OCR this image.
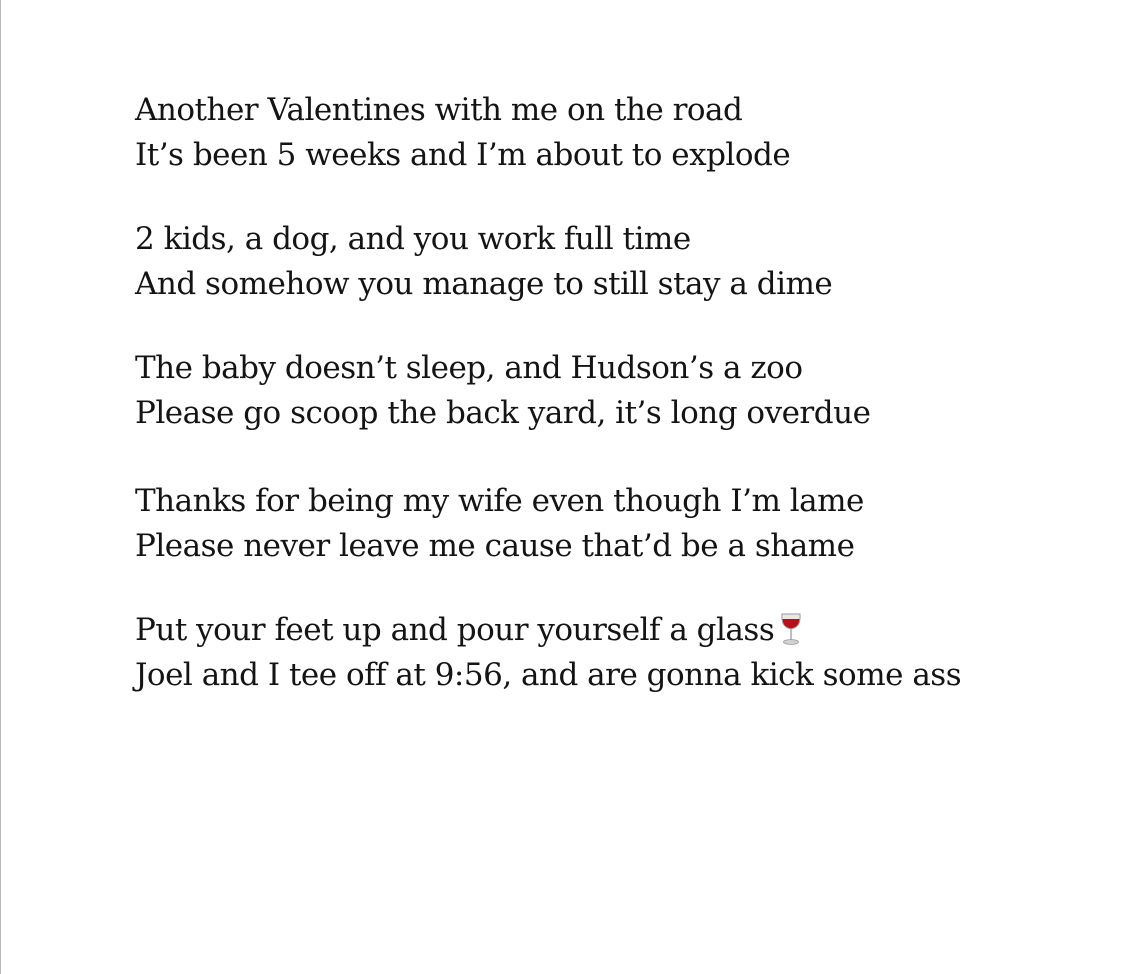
Another Valentines with me on the road
It’s been 5 weeks and I’m about to explode
2 kids, a dog, and you work full time
And somehow you manage to still stay a dime
The baby doesn’t sleep, and Hudson’s a zoo
Please go scoop the back yard, it’s long overdue
Thanks for being my wife even though I’m lame
Please never leave me cause that’d be a shame
Put your feet up and pour yourself a glass
Joel and I tee off at 9:56, and are gonna kick some ass
